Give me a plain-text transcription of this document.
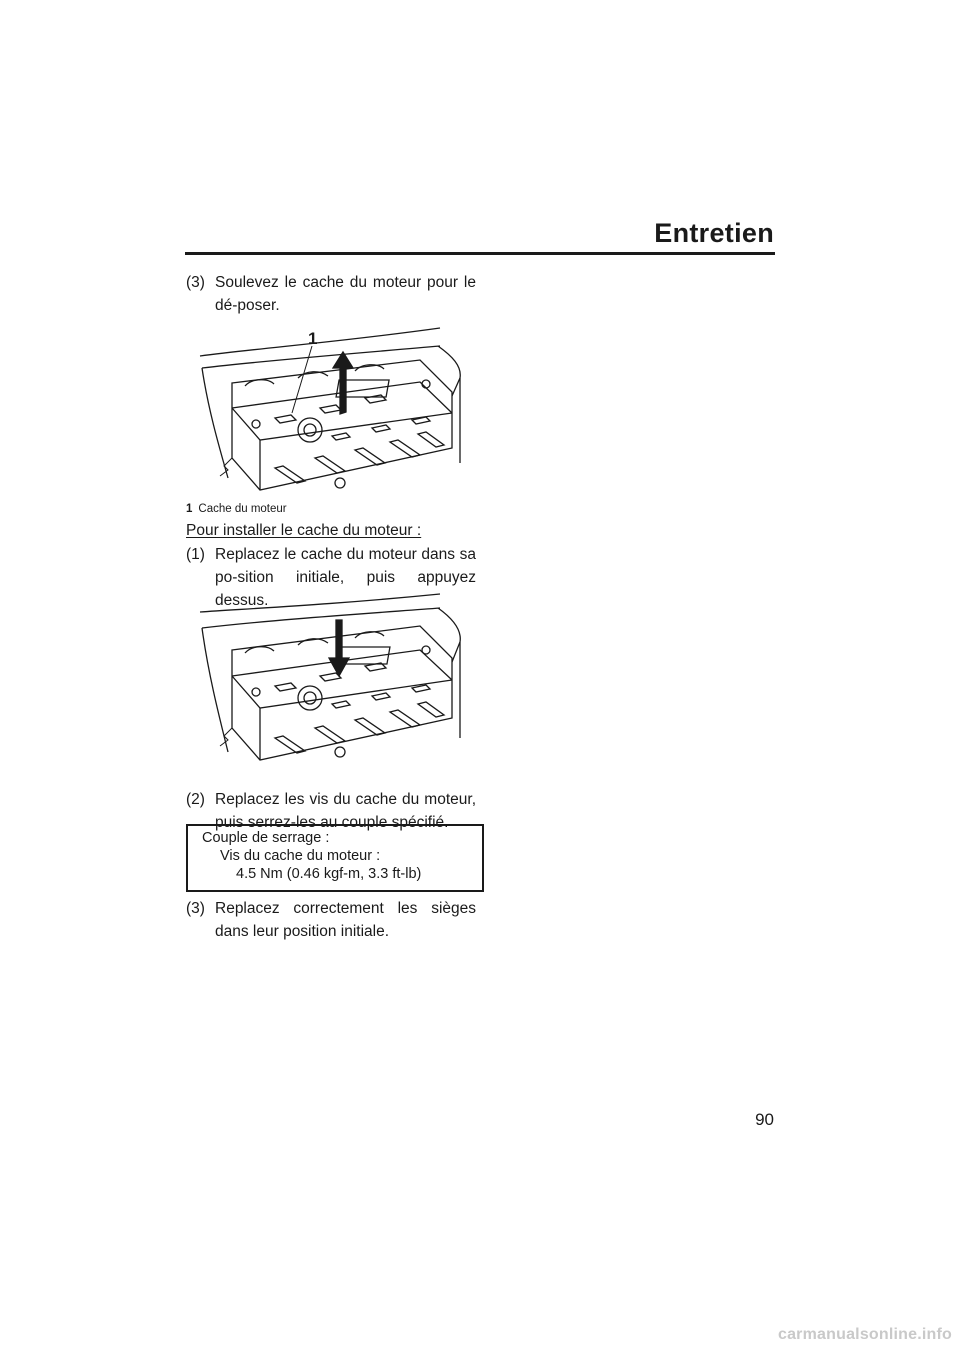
Entretien
(3) Soulevez le cache du moteur pour le dé-poser.
1
1 Cache du moteur
Pour installer le cache du moteur :
(1) Replacez le cache du moteur dans sa po-sition initiale, puis appuyez dessus.
(2) Replacez les vis du cache du moteur, puis serrez-les au couple spécifié.
Couple de serrage :
Vis du cache du moteur :
4.5 Nm (0.46 kgf-m, 3.3 ft-lb)
(3) Replacez correctement les sièges dans leur position initiale.
90
carmanualsonline.info
